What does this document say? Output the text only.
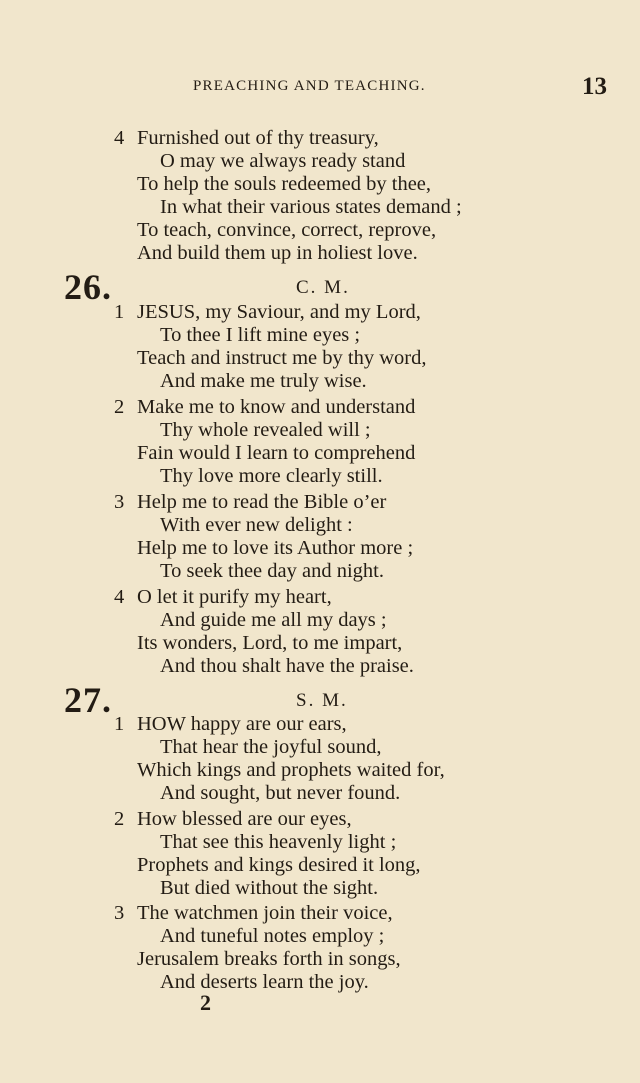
PREACHING AND TEACHING.	13
4 Furnished out of thy treasury,
O may we always ready stand
To help the souls redeemed by thee,
In what their various states demand ;
To teach, convince, correct, reprove,
And build them up in holiest love.
26.	C. M.
1 JESUS, my Saviour, and my Lord,
To thee I lift mine eyes ;
Teach and instruct me by thy word,
And make me truly wise.
2 Make me to know and understand
Thy whole revealed will ;
Fain would I learn to comprehend
Thy love more clearly still.
3 Help me to read the Bible o’er
With ever new delight :
Help me to love its Author more ;
To seek thee day and night.
4 O let it purify my heart,
And guide me all my days ;
Its wonders, Lord, to me impart,
And thou shalt have the praise.
27.	S. M.
1 HOW happy are our ears,
That hear the joyful sound,
Which kings and prophets waited for,
And sought, but never found.
2 How blessed are our eyes,
That see this heavenly light ;
Prophets and kings desired it long,
But died without the sight.
3 The watchmen join their voice,
And tuneful notes employ ;
Jerusalem breaks forth in songs,
And deserts learn the joy.
2
